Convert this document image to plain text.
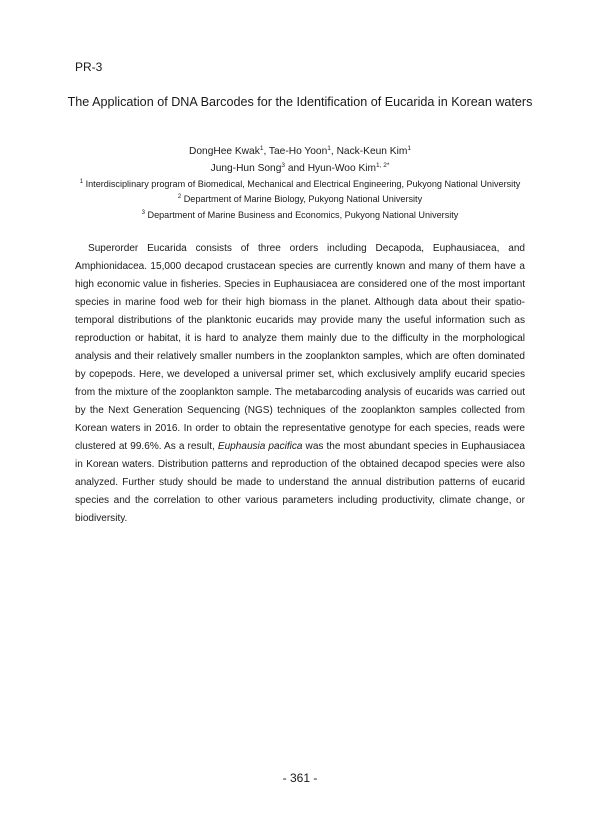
PR-3
The Application of DNA Barcodes for the Identification of Eucarida in Korean waters
DongHee Kwak$^1$, Tae-Ho Yoon$^1$, Nack-Keun Kim$^1$
Jung-Hun Song$^3$ and Hyun-Woo Kim$^{1, 2*}$
$^1$ Interdisciplinary program of Biomedical, Mechanical and Electrical Engineering, Pukyong National University
$^2$ Department of Marine Biology, Pukyong National University
$^3$ Department of Marine Business and Economics, Pukyong National University

Superorder Eucarida consists of three orders including Decapoda, Euphausiacea, and Amphionidacea. 15,000 decapod crustacean species are currently known and many of them have a high economic value in fisheries. Species in Euphausiacea are considered one of the most important species in marine food web for their high biomass in the planet. Although data about their spatio-temporal distributions of the planktonic eucarids may provide many the useful information such as reproduction or habitat, it is hard to analyze them mainly due to the difficulty in the morphological analysis and their relatively smaller numbers in the zooplankton samples, which are often dominated by copepods. Here, we developed a universal primer set, which exclusively amplify eucarid species from the mixture of the zooplankton sample. The metabarcoding analysis of eucarids was carried out by the Next Generation Sequencing (NGS) techniques of the zooplankton samples collected from Korean waters in 2016. In order to obtain the representative genotype for each species, reads were clustered at 99.6%. As a result, Euphausia pacifica was the most abundant species in Euphausiacea in Korean waters. Distribution patterns and reproduction of the obtained decapod species were also analyzed. Further study should be made to understand the annual distribution patterns of eucarid species and the correlation to other various parameters including productivity, climate change, or biodiversity.

- 361 -
